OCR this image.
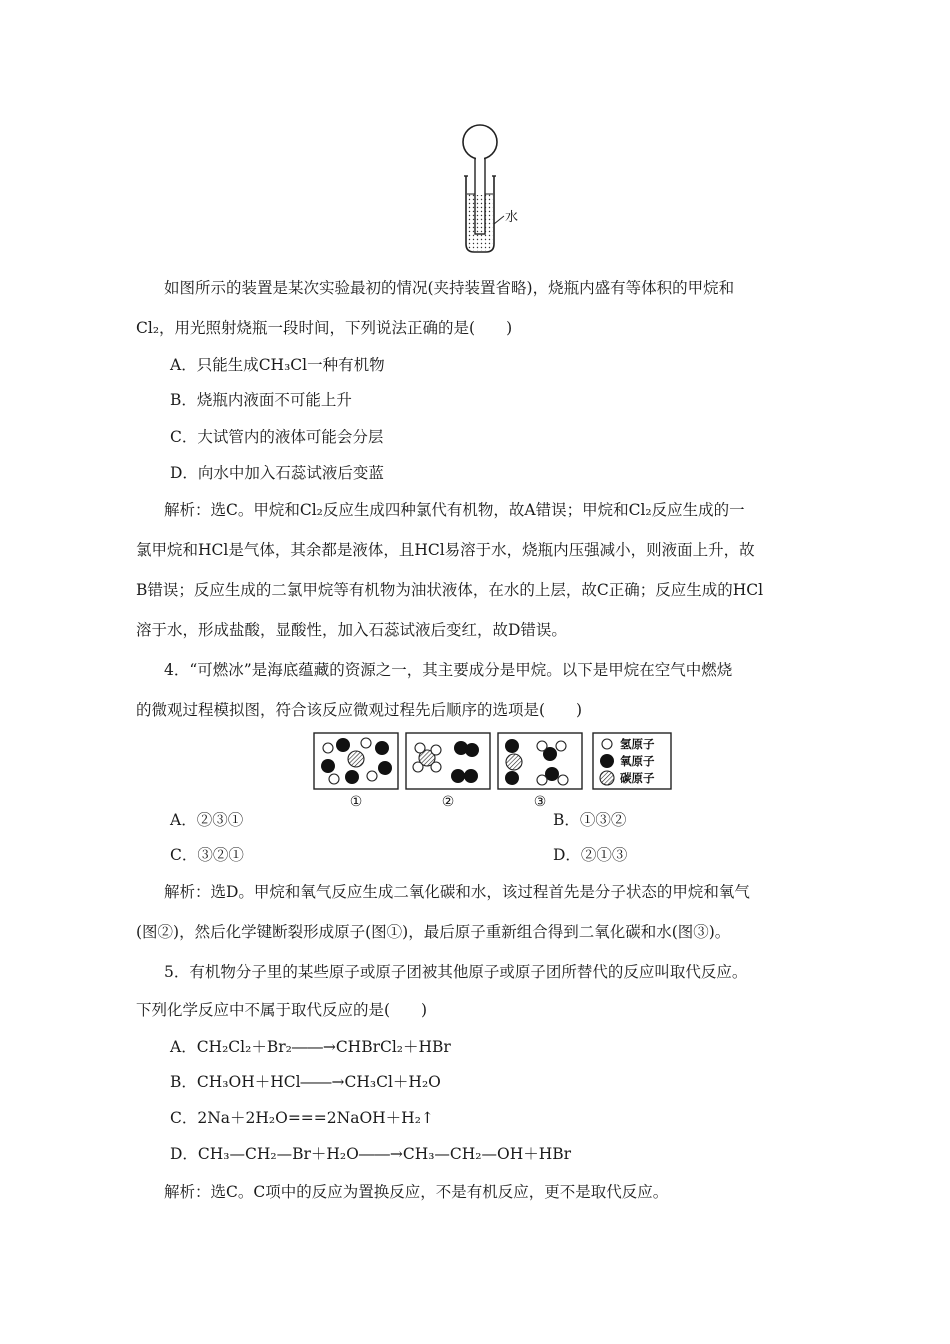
水
如图所示的装置是某次实验最初的情况(夹持装置省略)，烧瓶内盛有等体积的甲烷和
Cl₂，用光照射烧瓶一段时间，下列说法正确的是(　　)
A．只能生成CH₃Cl一种有机物
B．烧瓶内液面不可能上升
C．大试管内的液体可能会分层
D．向水中加入石蕊试液后变蓝
解析：选C。甲烷和Cl₂反应生成四种氯代有机物，故A错误；甲烷和Cl₂反应生成的一
氯甲烷和HCl是气体，其余都是液体，且HCl易溶于水，烧瓶内压强减小，则液面上升，故
B错误；反应生成的二氯甲烷等有机物为油状液体，在水的上层，故C正确；反应生成的HCl
溶于水，形成盐酸，显酸性，加入石蕊试液后变红，故D错误。
4．“可燃冰”是海底蕴藏的资源之一，其主要成分是甲烷。以下是甲烷在空气中燃烧
的微观过程模拟图，符合该反应微观过程先后顺序的选项是(　　)
氢原子
氧原子
碳原子
①	②	③
A．②③①	B．①③②
C．③②①	D．②①③
解析：选D。甲烷和氧气反应生成二氧化碳和水，该过程首先是分子状态的甲烷和氧气
(图②)，然后化学键断裂形成原子(图①)，最后原子重新组合得到二氧化碳和水(图③)。
5．有机物分子里的某些原子或原子团被其他原子或原子团所替代的反应叫取代反应。
下列化学反应中不属于取代反应的是(　　)
A．CH₂Cl₂＋Br₂――→CHBrCl₂＋HBr
B．CH₃OH＋HCl――→CH₃Cl＋H₂O
C．2Na＋2H₂O===2NaOH＋H₂↑
D．CH₃—CH₂—Br＋H₂O――→CH₃—CH₂—OH＋HBr
解析：选C。C项中的反应为置换反应，不是有机反应，更不是取代反应。
